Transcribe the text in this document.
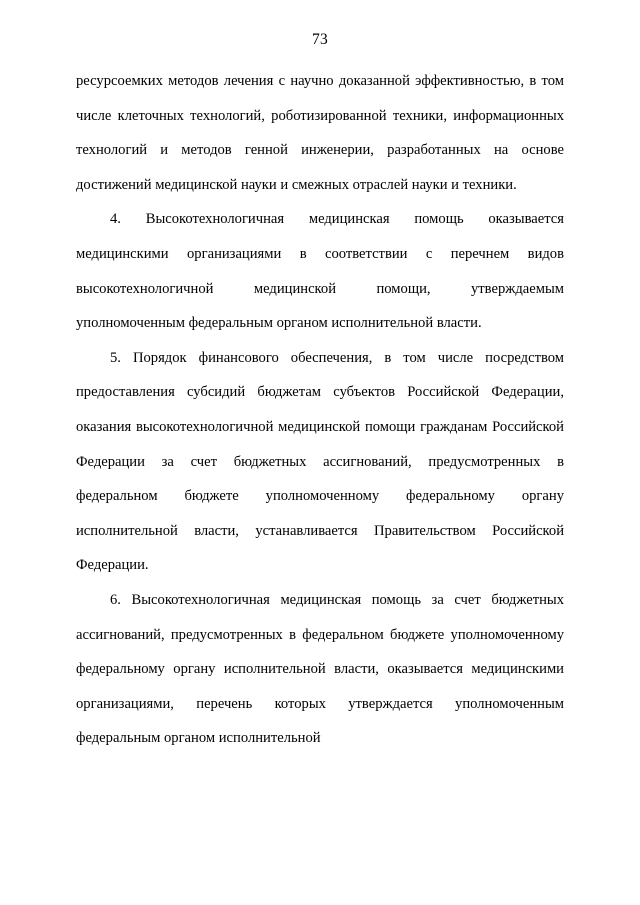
73

ресурсоемких методов лечения с научно доказанной эффективностью, в том числе клеточных технологий, роботизированной техники, информационных технологий и методов генной инженерии, разработанных на основе достижений медицинской науки и смежных отраслей науки и техники.

4. Высокотехнологичная медицинская помощь оказывается медицинскими организациями в соответствии с перечнем видов высокотехнологичной медицинской помощи, утверждаемым уполномоченным федеральным органом исполнительной власти.

5. Порядок финансового обеспечения, в том числе посредством предоставления субсидий бюджетам субъектов Российской Федерации, оказания высокотехнологичной медицинской помощи гражданам Российской Федерации за счет бюджетных ассигнований, предусмотренных в федеральном бюджете уполномоченному федеральному органу исполнительной власти, устанавливается Правительством Российской Федерации.

6. Высокотехнологичная медицинская помощь за счет бюджетных ассигнований, предусмотренных в федеральном бюджете уполномоченному федеральному органу исполнительной власти, оказывается медицинскими организациями, перечень которых утверждается уполномоченным федеральным органом исполнительной
